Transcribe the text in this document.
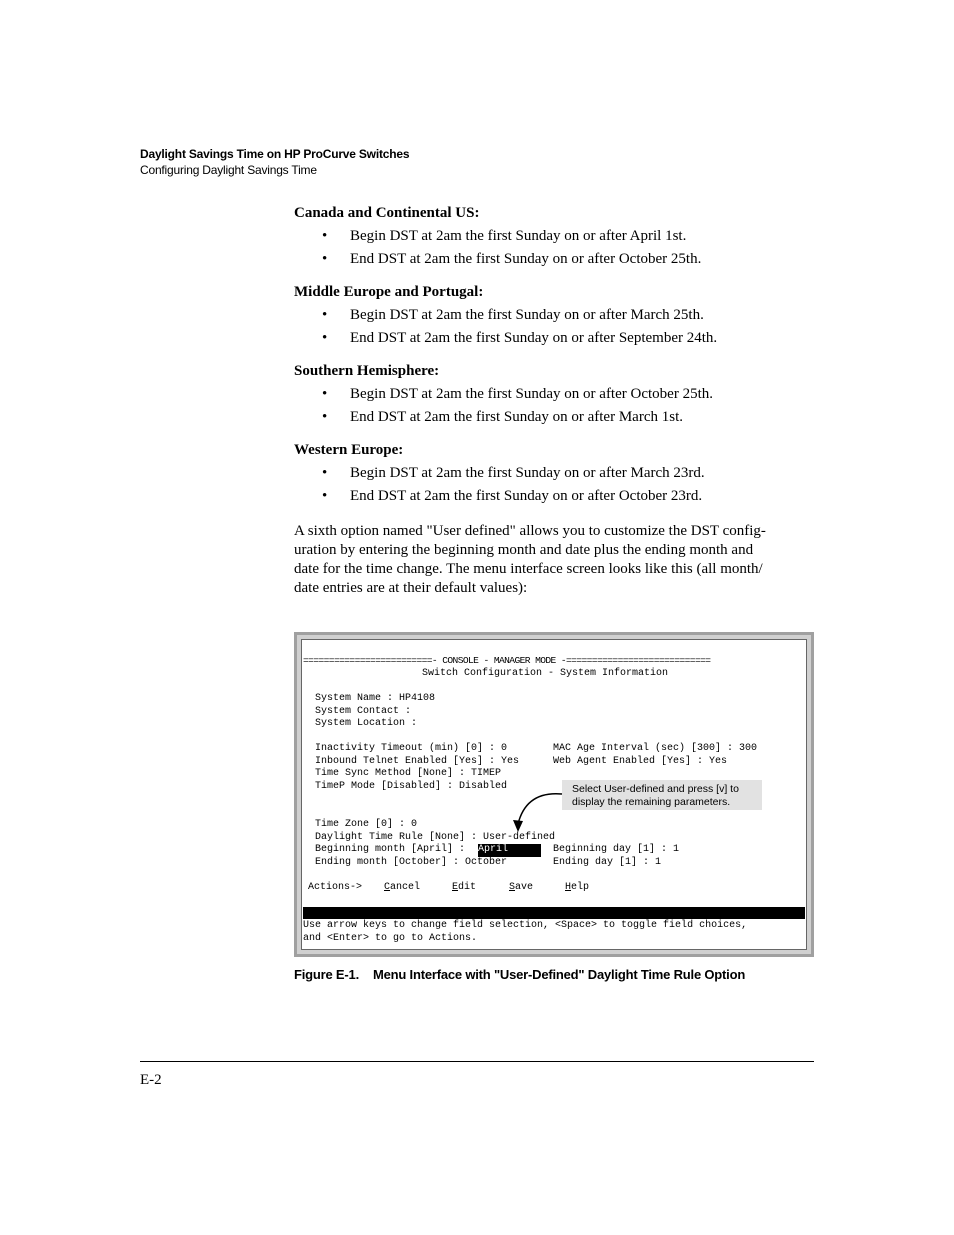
Daylight Savings Time on HP ProCurve Switches
Configuring Daylight Savings Time

Canada and Continental US:

• Begin DST at 2am the first Sunday on or after April 1st.
• End DST at 2am the first Sunday on or after October 25th.

Middle Europe and Portugal:

• Begin DST at 2am the first Sunday on or after March 25th.
• End DST at 2am the first Sunday on or after September 24th.

Southern Hemisphere:

• Begin DST at 2am the first Sunday on or after October 25th.
• End DST at 2am the first Sunday on or after March 1st.

Western Europe:

• Begin DST at 2am the first Sunday on or after March 23rd.
• End DST at 2am the first Sunday on or after October 23rd.

A sixth option named "User defined" allows you to customize the DST config-
uration by entering the beginning month and date plus the ending month and
date for the time change. The menu interface screen looks like this (all month/
date entries are at their default values):

=========================- CONSOLE - MANAGER MODE -============================
Switch Configuration - System Information
System Name : HP4108
System Contact :
System Location :
Inactivity Timeout (min) [0] : 0	MAC Age Interval (sec) [300] : 300
Inbound Telnet Enabled [Yes] : Yes	Web Agent Enabled [Yes] : Yes
Time Sync Method [None] : TIMEP
TimeP Mode [Disabled] : Disabled
Time Zone [0] : 0
Daylight Time Rule [None] : User-defined
Beginning month [April] : April	Beginning day [1] : 1
Ending month [October] : October	Ending day [1] : 1
Actions-> Cancel	Edit	Save	Help
Use arrow keys to change field selection, <Space> to toggle field choices,
and <Enter> to go to Actions.
Select User-defined and press [v] to
display the remaining parameters.
Figure E-1. Menu Interface with "User-Defined" Daylight Time Rule Option
E-2
